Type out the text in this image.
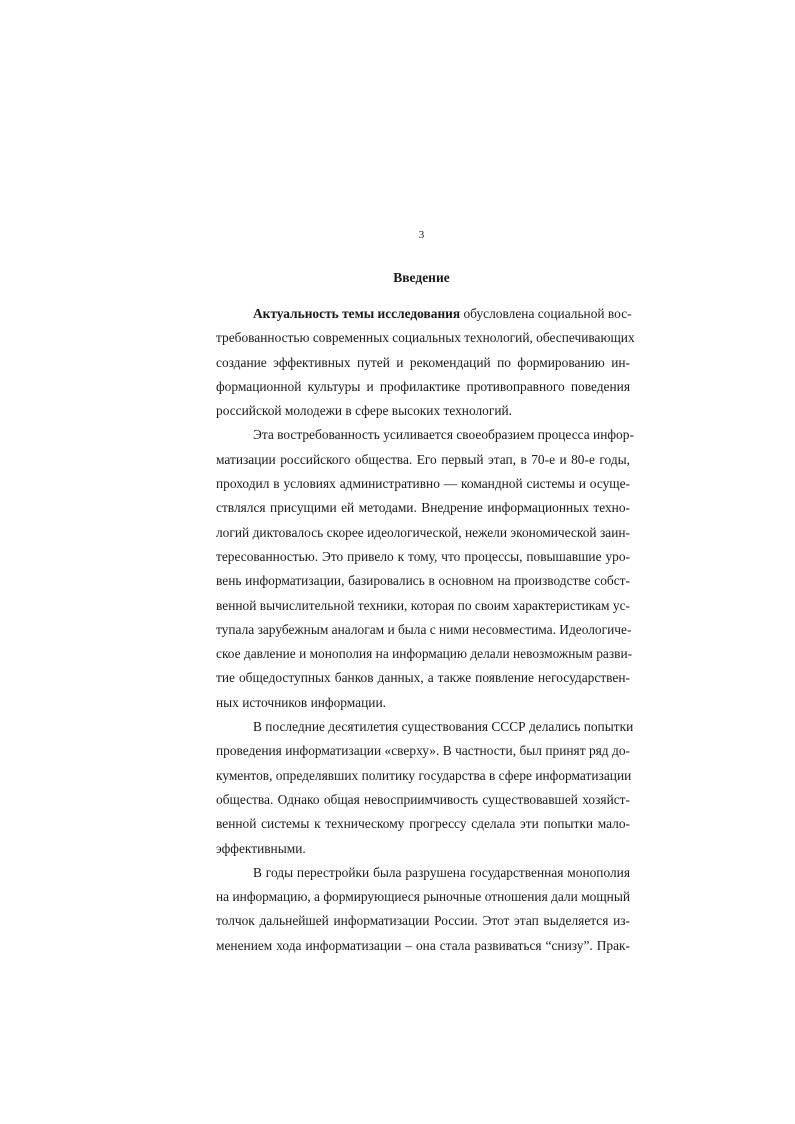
3
Введение
Актуальность темы исследования обусловлена социальной вос-
требованностью современных социальных технологий, обеспечивающих
создание эффективных путей и рекомендаций по формированию ин-
формационной культуры и профилактике противоправного поведения
российской молодежи в сфере высоких технологий.
Эта востребованность усиливается своеобразием процесса инфор-
матизации российского общества. Его первый этап, в 70-е и 80-е годы,
проходил в условиях административно — командной системы и осуще-
ствлялся присущими ей методами. Внедрение информационных техно-
логий диктовалось скорее идеологической, нежели экономической заин-
тересованностью. Это привело к тому, что процессы, повышавшие уро-
вень информатизации, базировались в основном на производстве собст-
венной вычислительной техники, которая по своим характеристикам ус-
тупала зарубежным аналогам и была с ними несовместима. Идеологиче-
ское давление и монополия на информацию делали невозможным разви-
тие общедоступных банков данных, а также появление негосударствен-
ных источников информации.
В последние десятилетия существования СССР делались попытки
проведения информатизации «сверху». В частности, был принят ряд до-
кументов, определявших политику государства в сфере информатизации
общества. Однако общая невосприимчивость существовавшей хозяйст-
венной системы к техническому прогрессу сделала эти попытки мало-
эффективными.
В годы перестройки была разрушена государственная монополия
на информацию, а формирующиеся рыночные отношения дали мощный
толчок дальнейшей информатизации России. Этот этап выделяется из-
менением хода информатизации – она стала развиваться “снизу”. Прак-
